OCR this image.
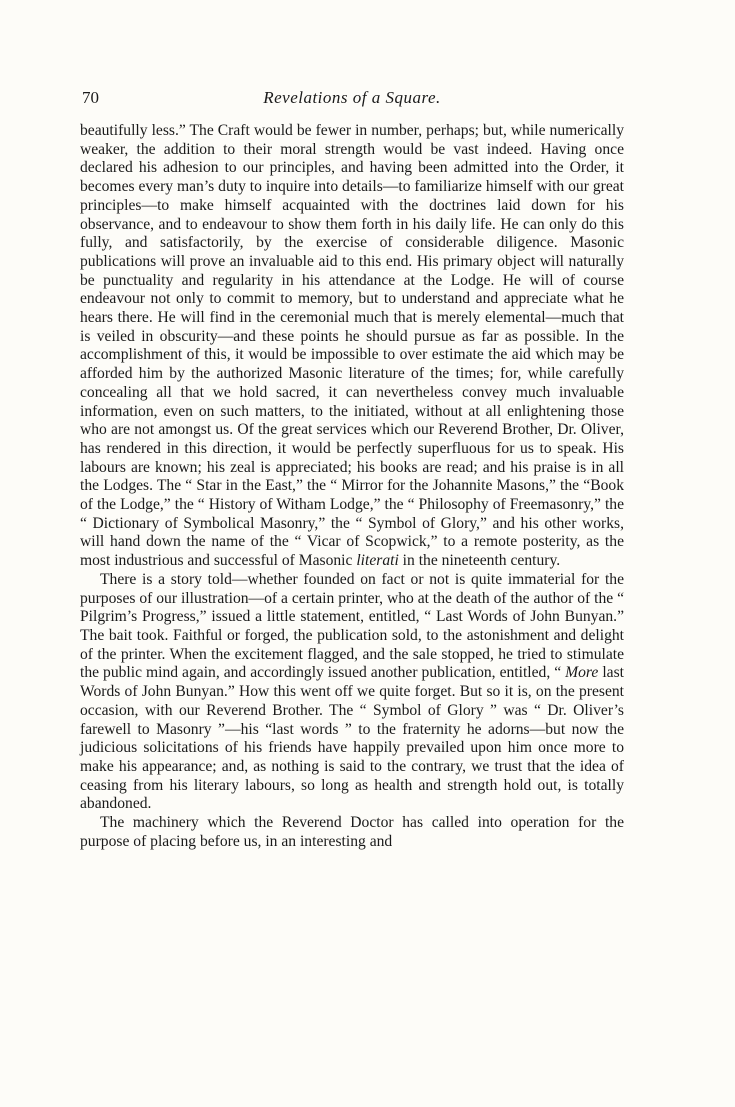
70	Revelations of a Square.

beautifully less.” The Craft would be fewer in number, perhaps; but, while numerically weaker, the addition to their moral strength would be vast indeed. Having once declared his adhesion to our principles, and having been admitted into the Order, it becomes every man’s duty to inquire into details—to familiarize himself with our great principles—to make himself acquainted with the doctrines laid down for his observance, and to endeavour to show them forth in his daily life. He can only do this fully, and satisfactorily, by the exercise of considerable diligence. Masonic publications will prove an invaluable aid to this end. His primary object will naturally be punctuality and regularity in his attendance at the Lodge. He will of course endeavour not only to commit to memory, but to understand and appreciate what he hears there. He will find in the ceremonial much that is merely elemental—much that is veiled in obscurity—and these points he should pursue as far as possible. In the accomplishment of this, it would be impossible to over estimate the aid which may be afforded him by the authorized Masonic literature of the times; for, while carefully concealing all that we hold sacred, it can nevertheless convey much invaluable information, even on such matters, to the initiated, without at all enlightening those who are not amongst us. Of the great services which our Reverend Brother, Dr. Oliver, has rendered in this direction, it would be perfectly superfluous for us to speak. His labours are known; his zeal is appreciated; his books are read; and his praise is in all the Lodges. The “ Star in the East,” the “ Mirror for the Johannite Masons,” the “Book of the Lodge,” the “ History of Witham Lodge,” the “ Philosophy of Freemasonry,” the “ Dictionary of Symbolical Masonry,” the “ Symbol of Glory,” and his other works, will hand down the name of the “ Vicar of Scopwick,” to a remote posterity, as the most industrious and successful of Masonic literati in the nineteenth century.

There is a story told—whether founded on fact or not is quite immaterial for the purposes of our illustration—of a certain printer, who at the death of the author of the “ Pilgrim’s Progress,” issued a little statement, entitled, “ Last Words of John Bunyan.” The bait took. Faithful or forged, the publication sold, to the astonishment and delight of the printer. When the excitement flagged, and the sale stopped, he tried to stimulate the public mind again, and accordingly issued another publication, entitled, “ More last Words of John Bunyan.” How this went off we quite forget. But so it is, on the present occasion, with our Reverend Brother. The “ Symbol of Glory ” was “ Dr. Oliver’s farewell to Masonry ”—his “last words ” to the fraternity he adorns—but now the judicious solicitations of his friends have happily prevailed upon him once more to make his appearance; and, as nothing is said to the contrary, we trust that the idea of ceasing from his literary labours, so long as health and strength hold out, is totally abandoned.

The machinery which the Reverend Doctor has called into operation for the purpose of placing before us, in an interesting and
